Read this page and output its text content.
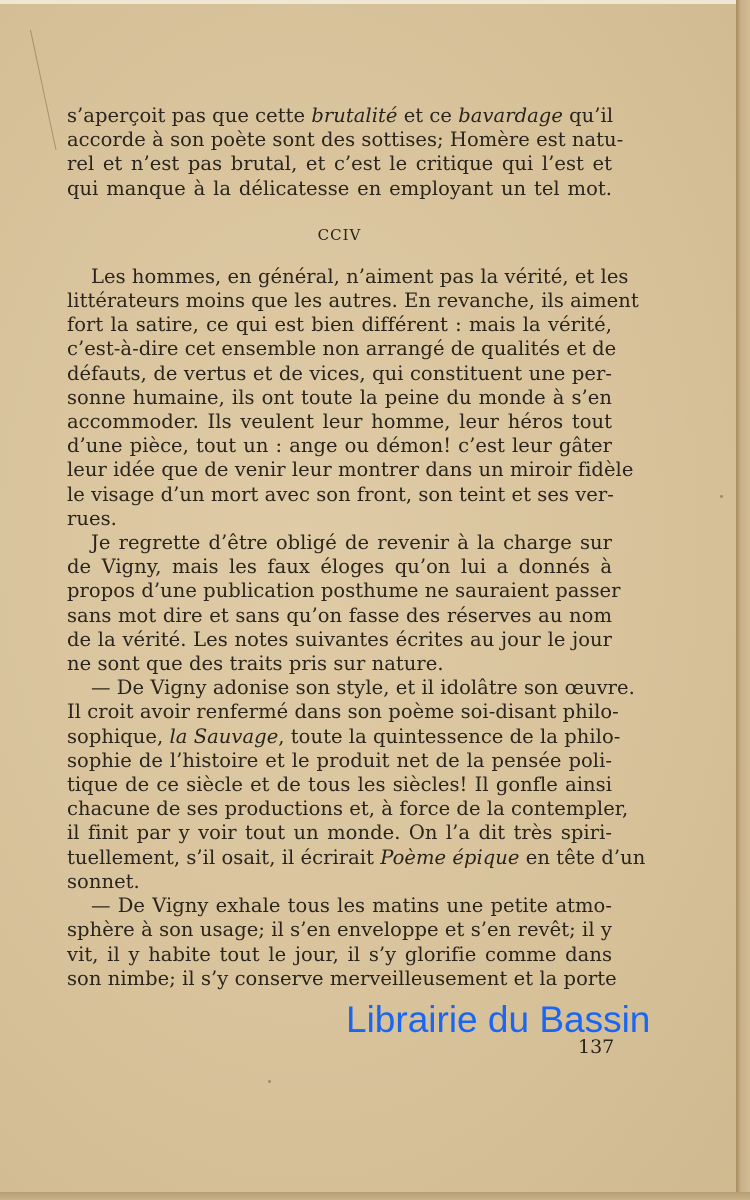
s’aperçoit pas que cette brutalité et ce bavardage qu’il
accorde à son poète sont des sottises; Homère est natu-
rel et n’est pas brutal, et c’est le critique qui l’est et
qui manque à la délicatesse en employant un tel mot.

CCIV

Les hommes, en général, n’aiment pas la vérité, et les
littérateurs moins que les autres. En revanche, ils aiment
fort la satire, ce qui est bien différent : mais la vérité,
c’est-à-dire cet ensemble non arrangé de qualités et de
défauts, de vertus et de vices, qui constituent une per-
sonne humaine, ils ont toute la peine du monde à s’en
accommoder. Ils veulent leur homme, leur héros tout
d’une pièce, tout un : ange ou démon! c’est leur gâter
leur idée que de venir leur montrer dans un miroir fidèle
le visage d’un mort avec son front, son teint et ses ver-
rues.

Je regrette d’être obligé de revenir à la charge sur
de Vigny, mais les faux éloges qu’on lui a donnés à
propos d’une publication posthume ne sauraient passer
sans mot dire et sans qu’on fasse des réserves au nom
de la vérité. Les notes suivantes écrites au jour le jour
ne sont que des traits pris sur nature.

— De Vigny adonise son style, et il idolâtre son œuvre.
Il croit avoir renfermé dans son poème soi-disant philo-
sophique, la Sauvage, toute la quintessence de la philo-
sophie de l’histoire et le produit net de la pensée poli-
tique de ce siècle et de tous les siècles! Il gonfle ainsi
chacune de ses productions et, à force de la contempler,
il finit par y voir tout un monde. On l’a dit très spiri-
tuellement, s’il osait, il écrirait Poème épique en tête d’un
sonnet.

— De Vigny exhale tous les matins une petite atmo-
sphère à son usage; il s’en enveloppe et s’en revêt; il y
vit, il y habite tout le jour, il s’y glorifie comme dans
son nimbe; il s’y conserve merveilleusement et la porte

Librairie du Bassin
137
